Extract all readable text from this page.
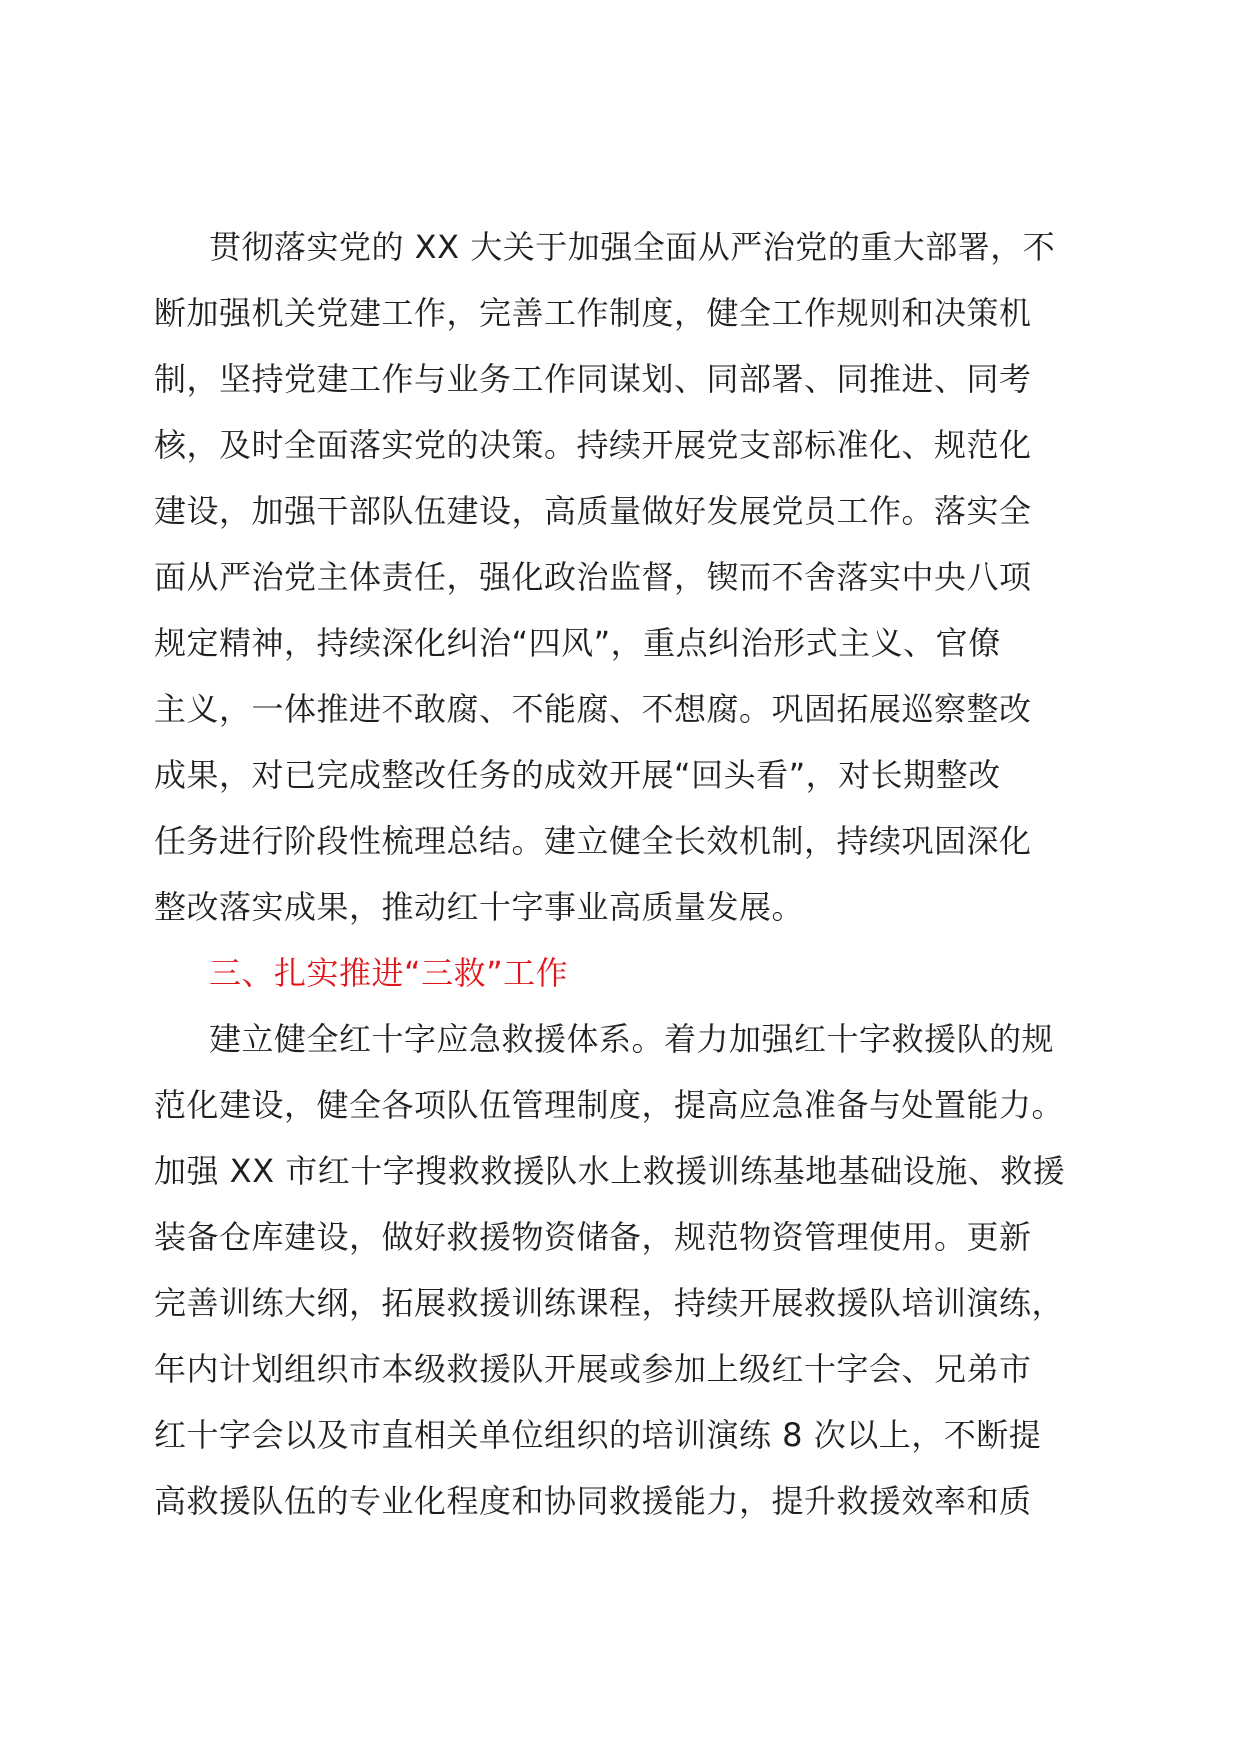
贯彻落实党的 XX 大关于加强全面从严治党的重大部署，不
断加强机关党建工作，完善工作制度，健全工作规则和决策机
制，坚持党建工作与业务工作同谋划、同部署、同推进、同考
核，及时全面落实党的决策。持续开展党支部标准化、规范化
建设，加强干部队伍建设，高质量做好发展党员工作。落实全
面从严治党主体责任，强化政治监督，锲而不舍落实中央八项
规定精神，持续深化纠治“四风”，重点纠治形式主义、官僚
主义，一体推进不敢腐、不能腐、不想腐。巩固拓展巡察整改
成果，对已完成整改任务的成效开展“回头看”，对长期整改
任务进行阶段性梳理总结。建立健全长效机制，持续巩固深化
整改落实成果，推动红十字事业高质量发展。
三、扎实推进“三救”工作
建立健全红十字应急救援体系。着力加强红十字救援队的规
范化建设，健全各项队伍管理制度，提高应急准备与处置能力。
加强 XX 市红十字搜救救援队水上救援训练基地基础设施、救援
装备仓库建设，做好救援物资储备，规范物资管理使用。更新
完善训练大纲，拓展救援训练课程，持续开展救援队培训演练，
年内计划组织市本级救援队开展或参加上级红十字会、兄弟市
红十字会以及市直相关单位组织的培训演练 8 次以上，不断提
高救援队伍的专业化程度和协同救援能力，提升救援效率和质
